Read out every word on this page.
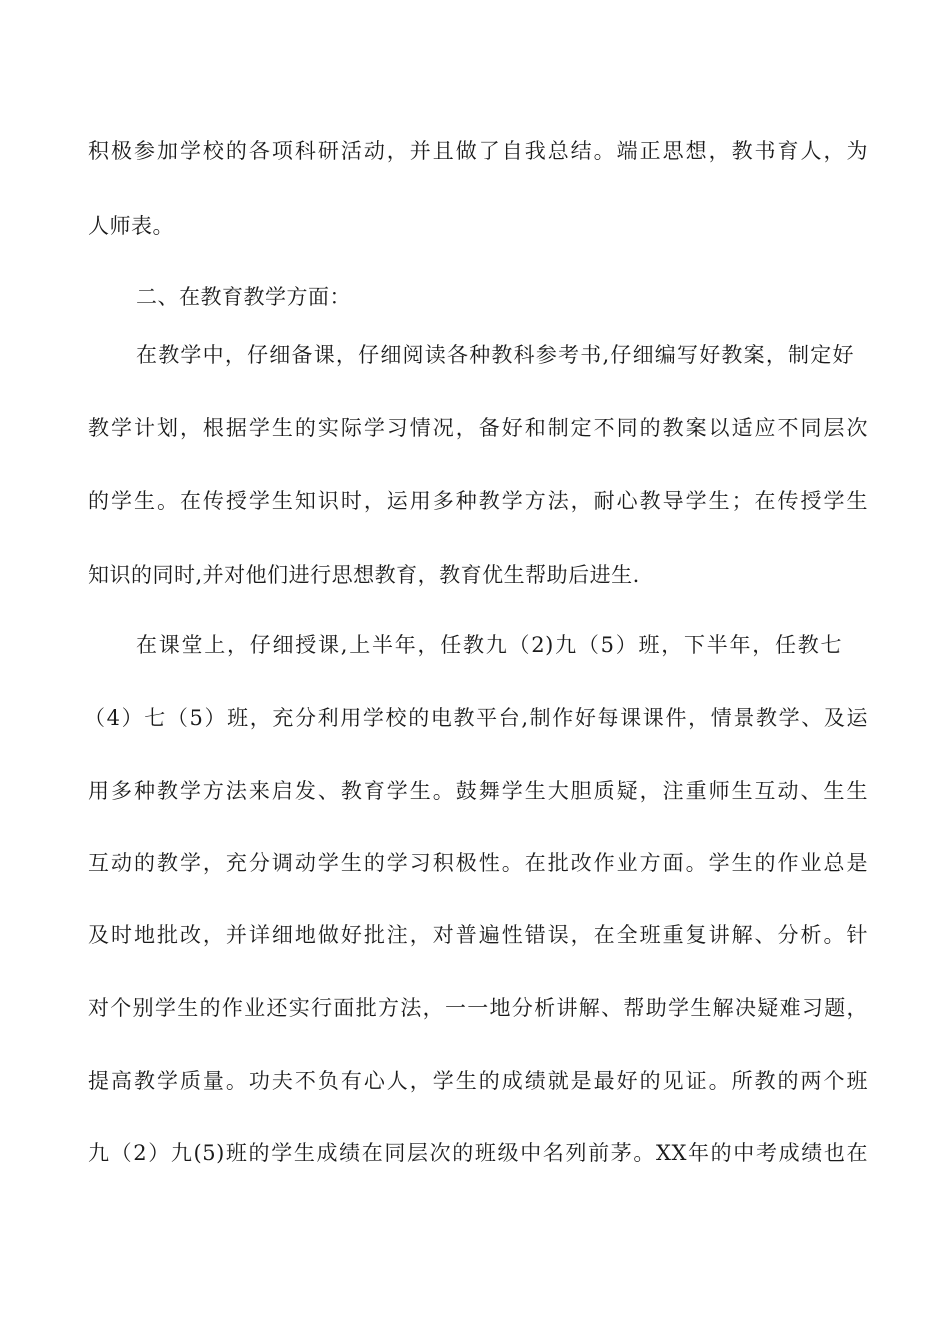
积极参加学校的各项科研活动，并且做了自我总结。端正思想，教书育人，为

人师表。

二、在教育教学方面：

在教学中，仔细备课，仔细阅读各种教科参考书,仔细编写好教案，制定好

教学计划，根据学生的实际学习情况，备好和制定不同的教案以适应不同层次

的学生。在传授学生知识时，运用多种教学方法，耐心教导学生；在传授学生

知识的同时,并对他们进行思想教育，教育优生帮助后进生.

在课堂上，仔细授课,上半年，任教九（2)九（5）班，下半年，任教七

（4）七（5）班，充分利用学校的电教平台,制作好每课课件，情景教学、及运

用多种教学方法来启发、教育学生。鼓舞学生大胆质疑，注重师生互动、生生

互动的教学，充分调动学生的学习积极性。在批改作业方面。学生的作业总是

及时地批改，并详细地做好批注，对普遍性错误，在全班重复讲解、分析。针

对个别学生的作业还实行面批方法，一一地分析讲解、帮助学生解决疑难习题，

提高教学质量。功夫不负有心人，学生的成绩就是最好的见证。所教的两个班

九（2）九(5)班的学生成绩在同层次的班级中名列前茅。XX年的中考成绩也在
